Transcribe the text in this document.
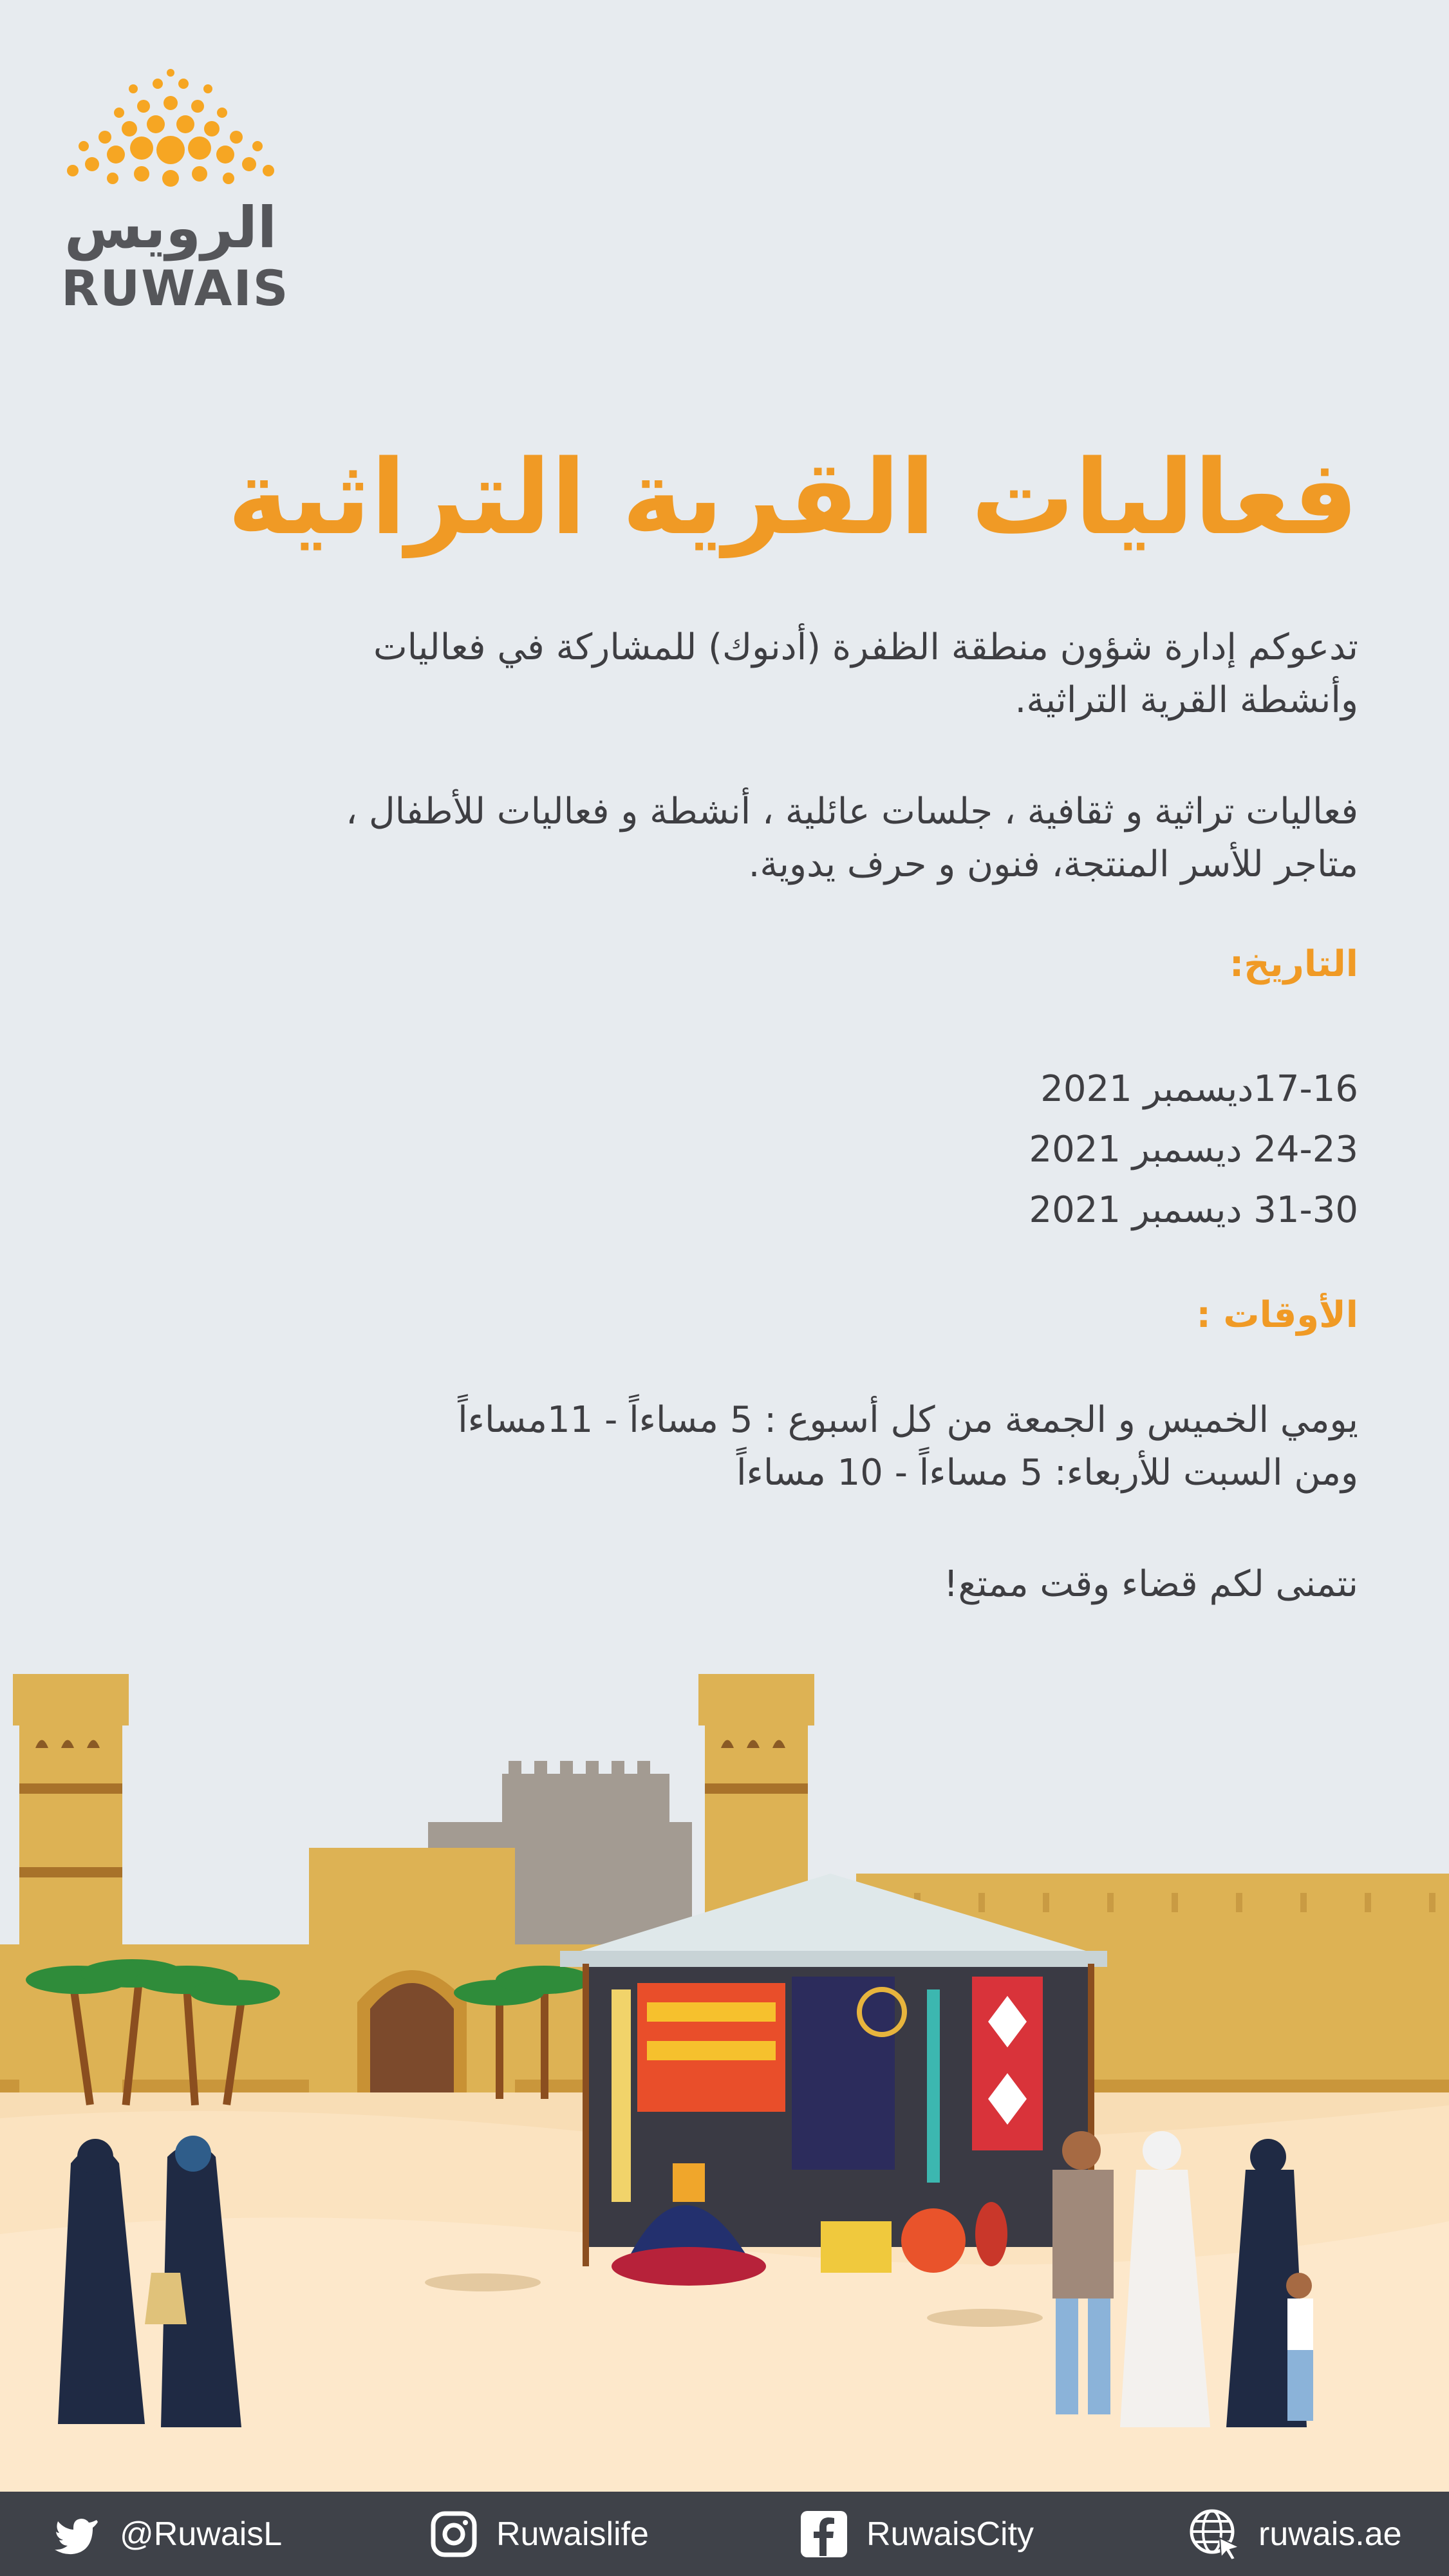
الرويس
RUWAIS
فعاليات القرية التراثية
تدعوكم إدارة شؤون منطقة الظفرة (أدنوك) للمشاركة في فعاليات
وأنشطة القرية التراثية.
فعاليات تراثية و ثقافية ، جلسات عائلية ، أنشطة و فعاليات للأطفال ،
متاجر للأسر المنتجة، فنون و حرف يدوية.
التاريخ:
17-16ديسمبر 2021
24-23 ديسمبر 2021
31-30 ديسمبر 2021
الأوقات :
يومي الخميس و الجمعة من كل أسبوع : 5 مساءاً - 11مساءاً
ومن السبت للأربعاء: 5 مساءاً - 10 مساءاً
نتمنى لكم قضاء وقت ممتع!
@RuwaisL	Ruwaislife	RuwaisCity	ruwais.ae
